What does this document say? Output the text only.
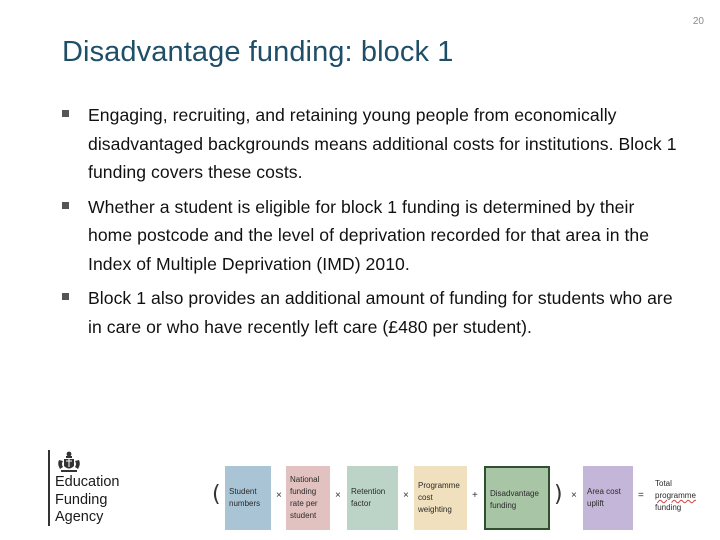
20
Disadvantage funding: block 1
Engaging, recruiting, and retaining young people from economically disadvantaged backgrounds means additional costs for institutions. Block 1 funding covers these costs.
Whether a student is eligible for block 1 funding is determined by their home postcode and the level of deprivation recorded for that area in the Index of Multiple Deprivation (IMD) 2010.
Block 1 also provides an additional amount of funding for students who are in care or who have recently left care (£480 per student).
Education
Funding
Agency
( Student
numbers
×
National
funding
rate per
student
× Retention
factor
×
Programme
cost
weighting
+ Disadvantage
funding	) × Area cost
uplift
=
Total
programme
funding
